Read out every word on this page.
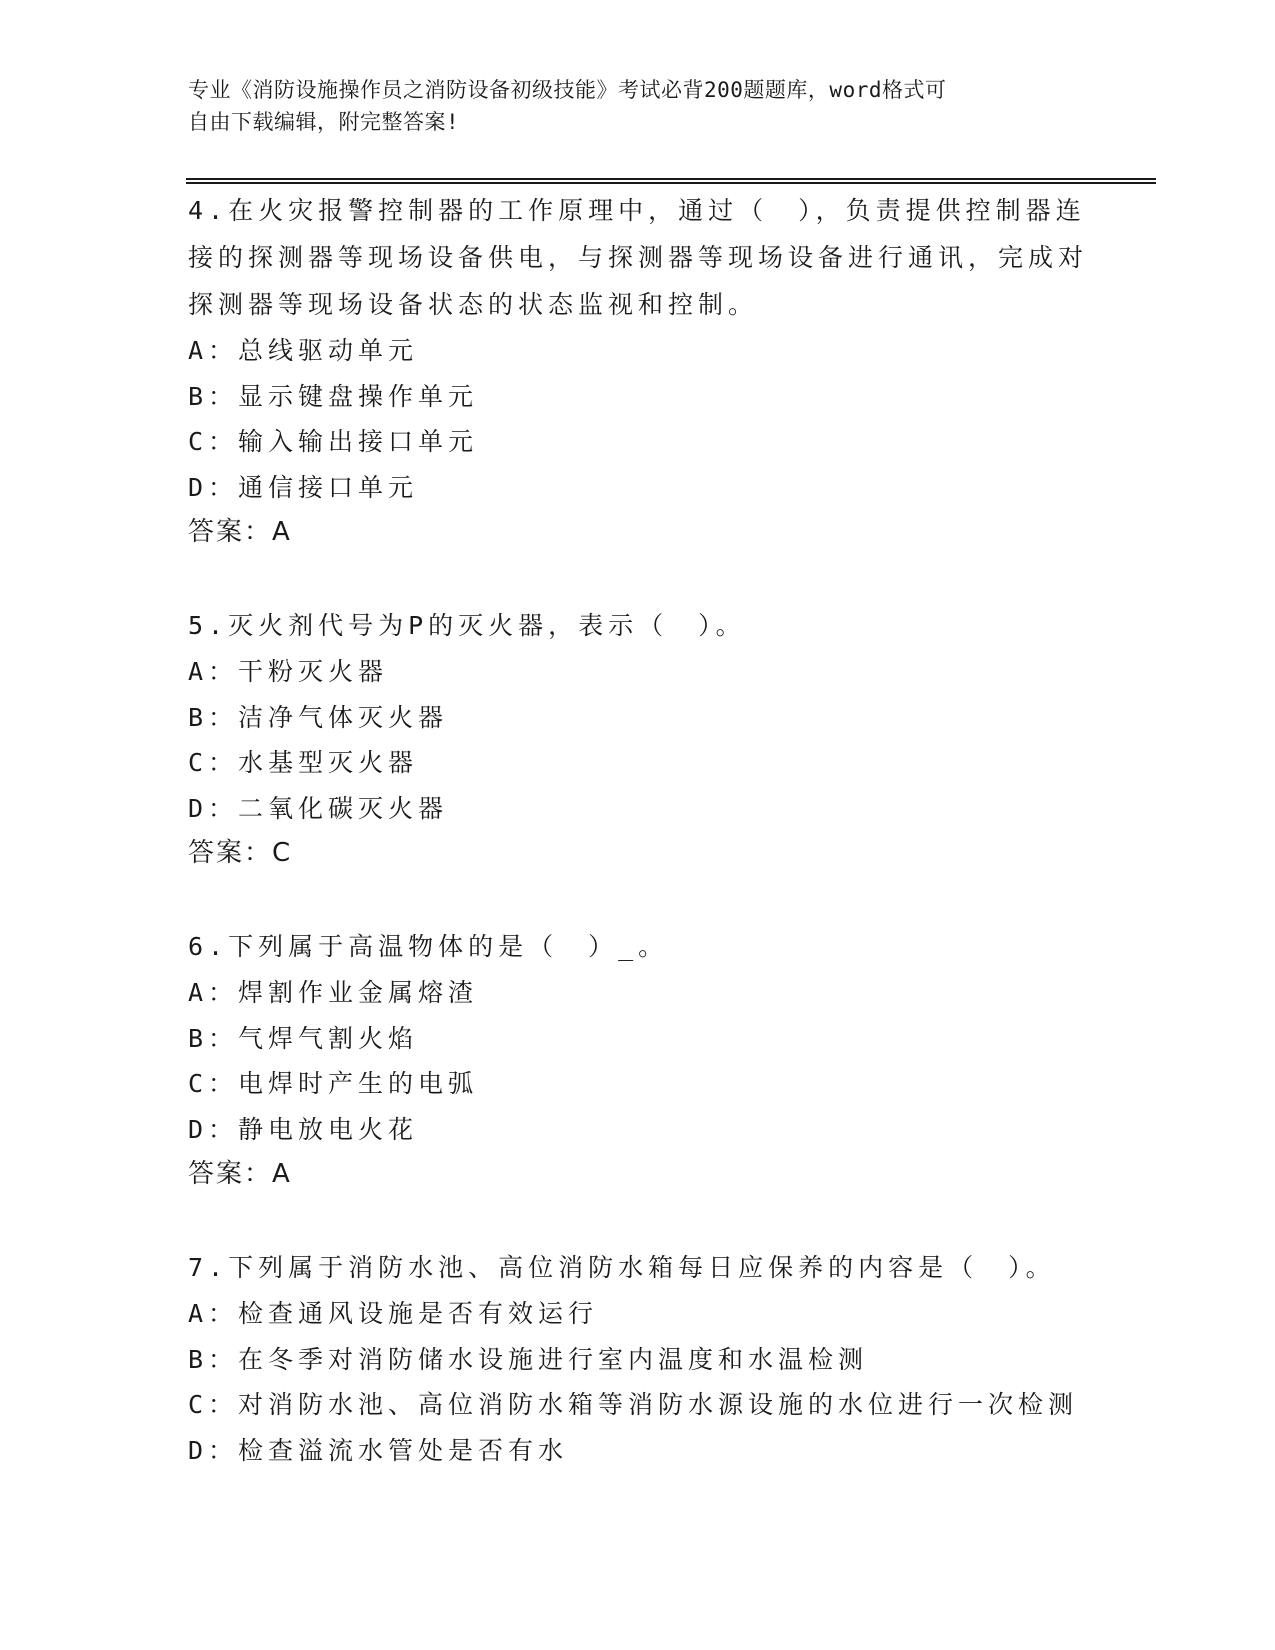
专业《消防设施操作员之消防设备初级技能》考试必背200题题库，word格式可
自由下载编辑，附完整答案!
4.在火灾报警控制器的工作原理中，通过（　），负责提供控制器连
接的探测器等现场设备供电，与探测器等现场设备进行通讯，完成对
探测器等现场设备状态的状态监视和控制。
A：总线驱动单元
B：显示键盘操作单元
C：输入输出接口单元
D：通信接口单元
答案：A
5.灭火剂代号为P的灭火器，表示（　）。
A：干粉灭火器
B：洁净气体灭火器
C：水基型灭火器
D：二氧化碳灭火器
答案：C
6.下列属于高温物体的是（　）_。
A：焊割作业金属熔渣
B：气焊气割火焰
C：电焊时产生的电弧
D：静电放电火花
答案：A
7.下列属于消防水池、高位消防水箱每日应保养的内容是（　）。
A：检查通风设施是否有效运行
B：在冬季对消防储水设施进行室内温度和水温检测
C：对消防水池、高位消防水箱等消防水源设施的水位进行一次检测
D：检查溢流水管处是否有水
